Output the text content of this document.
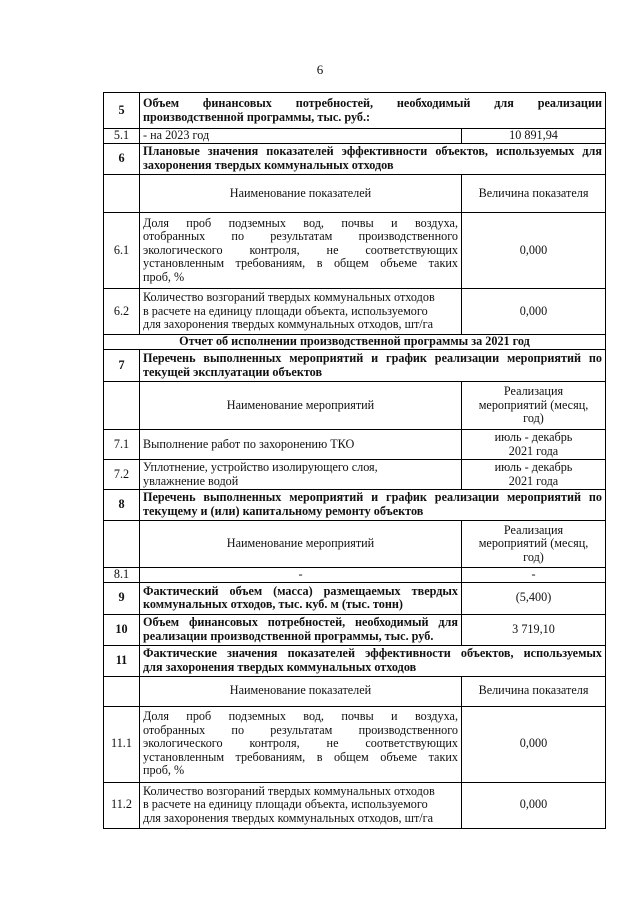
6
5	Объем финансовых потребностей, необходимый для реализации
производственной программы, тыс. руб.:	

5.1	- на 2023 год	10 891,94
6	Плановые значения показателей эффективности объектов, используемых для
захоронения твердых коммунальных отходов	

	Наименование показателей	Величина показателя
6.1	Доля проб подземных вод, почвы и воздуха,
отобранных по результатам производственного
экологического контроля, не соответствующих
установленным требованиям, в общем объеме таких
проб, %	0,000
6.2	Количество возгораний твердых коммунальных отходов
в расчете на единицу площади объекта, используемого
для захоронения твердых коммунальных отходов, шт/га	0,000
Отчет об исполнении производственной программы за 2021 год		
7	Перечень выполненных мероприятий и график реализации мероприятий по
текущей эксплуатации объектов	

	Наименование мероприятий	Реализация
мероприятий (месяц,
год)

7.1	Выполнение работ по захоронению ТКО	июль - декабрь
2021 года

7.2	Уплотнение, устройство изолирующего слоя,
увлажнение водой	июль - декабрь
2021 года

8	Перечень выполненных мероприятий и график реализации мероприятий по
текущему и (или) капитальному ремонту объектов	

	Наименование мероприятий	Реализация
мероприятий (месяц,
год)

8.1	-	-
9	Фактический объем (масса) размещаемых твердых
коммунальных отходов, тыс. куб. м (тыс. тонн)	(5,400)
10	Объем финансовых потребностей, необходимый для
реализации производственной программы, тыс. руб.	3 719,10
11	Фактические значения показателей эффективности объектов, используемых
для захоронения твердых коммунальных отходов	

	Наименование показателей	Величина показателя
11.1	Доля проб подземных вод, почвы и воздуха,
отобранных по результатам производственного
экологического контроля, не соответствующих
установленным требованиям, в общем объеме таких
проб, %	0,000
11.2	Количество возгораний твердых коммунальных отходов
в расчете на единицу площади объекта, используемого
для захоронения твердых коммунальных отходов, шт/га	0,000
